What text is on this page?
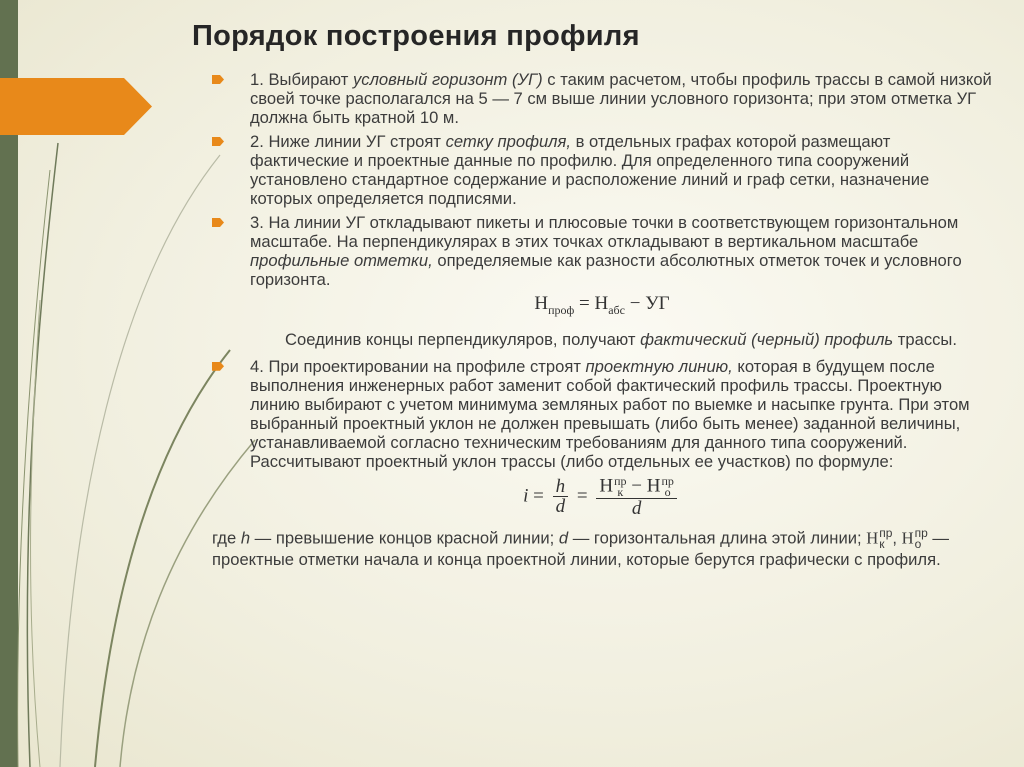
Порядок построения профиля
1. Выбирают условный горизонт (УГ) с таким расчетом, чтобы профиль трассы в самой низкой своей точке располагался на 5 — 7 см выше линии условного горизонта; при этом отметка УГ должна быть кратной 10 м.
2. Ниже линии УГ строят сетку профиля, в отдельных графах которой размещают фактические и проектные данные по профилю. Для определенного типа сооружений установлено стандартное содержание и расположение линий и граф сетки, назначение которых определяется подписями.
3. На линии УГ откладывают пикеты и плюсовые точки в соответствующем горизонтальном масштабе. На перпендикулярах в этих точках откладывают в вертикальном масштабе профильные отметки, определяемые как разности абсолютных отметок точек и условного горизонта.
$H_{проф} = H_{абс}$ − УГ
Соединив концы перпендикуляров, получают фактический (черный) профиль трассы.
4. При проектировании на профиле строят проектную линию, которая в будущем после выполнения инженерных работ заменит собой фактический профиль трассы. Проектную линию выбирают с учетом минимума земляных работ по выемке и насыпке грунта. При этом выбранный проектный уклон не должен превышать (либо быть менее) заданной величины, устанавливаемой согласно техническим требованиям для данного типа сооружений. Рассчитывают проектный уклон трассы (либо отдельных ее участков) по формуле:
$i = \frac{h}{d} = H$ пр
к − H пр
о
d
где h — превышение концов красной линии; d — горизонтальная длина этой линии; H пр
к , H пр
о — проектные отметки начала и конца проектной линии, которые берутся графически с профиля.
